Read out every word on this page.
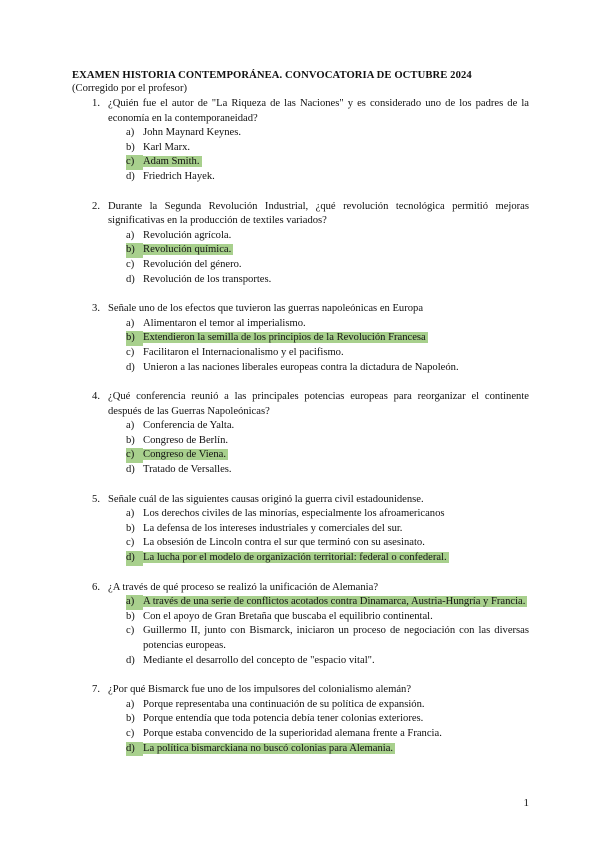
EXAMEN HISTORIA CONTEMPORÁNEA. CONVOCATORIA DE OCTUBRE 2024
(Corregido por el profesor)
1. ¿Quién fue el autor de "La Riqueza de las Naciones" y es considerado uno de los padres de la economía en la contemporaneidad?
a) John Maynard Keynes.
b) Karl Marx.
c) Adam Smith.
d) Friedrich Hayek.
2. Durante la Segunda Revolución Industrial, ¿qué revolución tecnológica permitió mejoras significativas en la producción de textiles variados?
a) Revolución agrícola.
b) Revolución química.
c) Revolución del género.
d) Revolución de los transportes.
3. Señale uno de los efectos que tuvieron las guerras napoleónicas en Europa
a) Alimentaron el temor al imperialismo.
b) Extendieron la semilla de los principios de la Revolución Francesa
c) Facilitaron el Internacionalismo y el pacifismo.
d) Unieron a las naciones liberales europeas contra la dictadura de Napoleón.
4. ¿Qué conferencia reunió a las principales potencias europeas para reorganizar el continente después de las Guerras Napoleónicas?
a) Conferencia de Yalta.
b) Congreso de Berlín.
c) Congreso de Viena.
d) Tratado de Versalles.
5. Señale cuál de las siguientes causas originó la guerra civil estadounidense.
a) Los derechos civiles de las minorías, especialmente los afroamericanos
b) La defensa de los intereses industriales y comerciales del sur.
c) La obsesión de Lincoln contra el sur que terminó con su asesinato.
d) La lucha por el modelo de organización territorial: federal o confederal.
6. ¿A través de qué proceso se realizó la unificación de Alemania?
a) A través de una serie de conflictos acotados contra Dinamarca, Austria-Hungría y Francia.
b) Con el apoyo de Gran Bretaña que buscaba el equilibrio continental.
c) Guillermo II, junto con Bismarck, iniciaron un proceso de negociación con las diversas potencias europeas.
d) Mediante el desarrollo del concepto de "espacio vital".
7. ¿Por qué Bismarck fue uno de los impulsores del colonialismo alemán?
a) Porque representaba una continuación de su política de expansión.
b) Porque entendía que toda potencia debía tener colonias exteriores.
c) Porque estaba convencido de la superioridad alemana frente a Francia.
d) La política bismarckiana no buscó colonias para Alemania.
1
